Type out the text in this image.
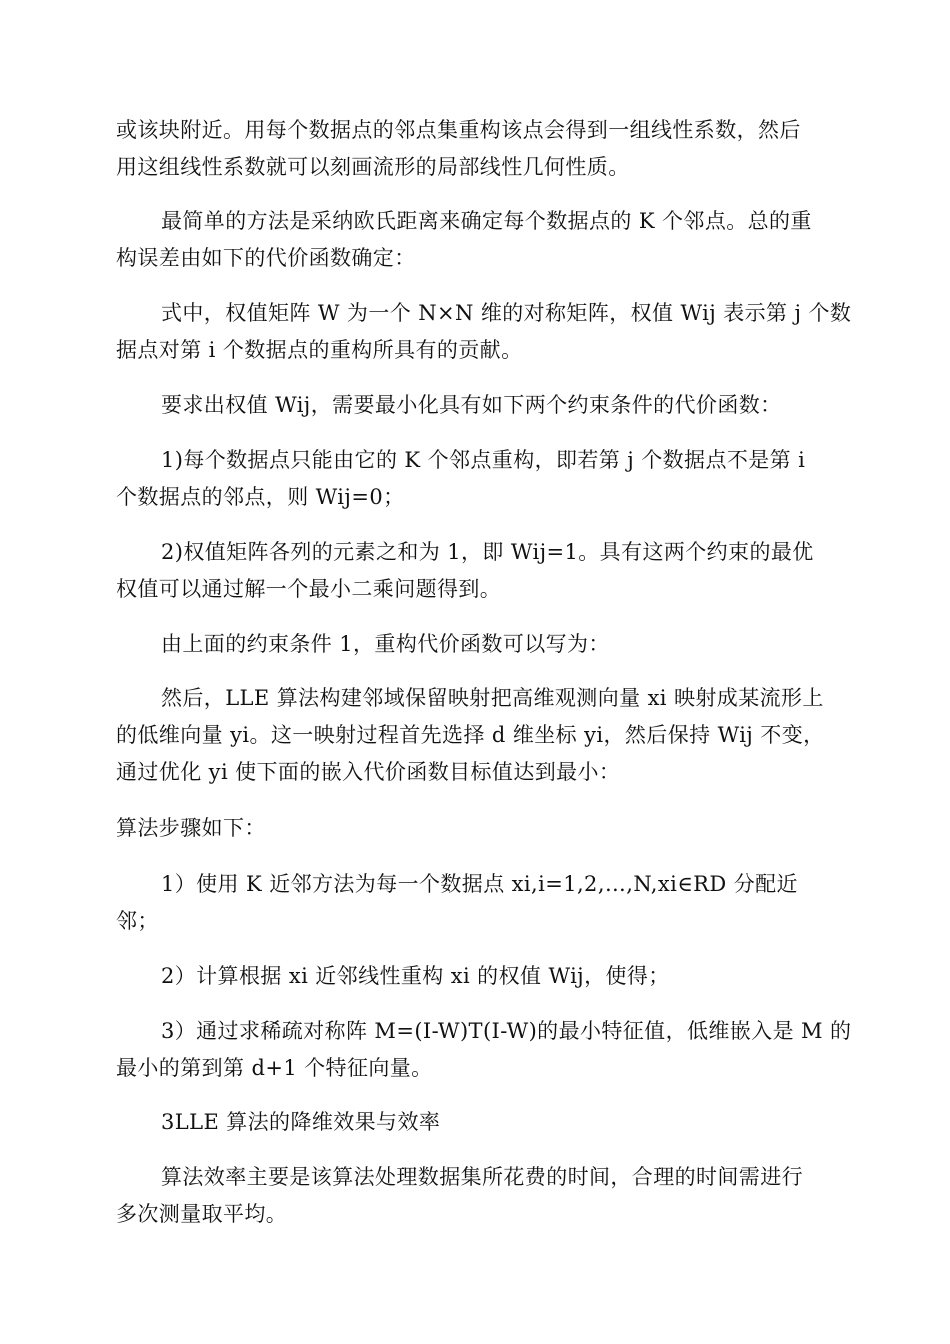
或该块附近。用每个数据点的邻点集重构该点会得到一组线性系数，然后
用这组线性系数就可以刻画流形的局部线性几何性质。

最简单的方法是采纳欧氏距离来确定每个数据点的 K 个邻点。总的重
构误差由如下的代价函数确定：

式中，权值矩阵 W 为一个 N×N 维的对称矩阵，权值 Wij 表示第 j 个数
据点对第 i 个数据点的重构所具有的贡献。

要求出权值 Wij，需要最小化具有如下两个约束条件的代价函数：

1)每个数据点只能由它的 K 个邻点重构，即若第 j 个数据点不是第 i
个数据点的邻点，则 Wij=0；

2)权值矩阵各列的元素之和为 1，即 Wij=1。具有这两个约束的最优
权值可以通过解一个最小二乘问题得到。

由上面的约束条件 1，重构代价函数可以写为：

然后，LLE 算法构建邻域保留映射把高维观测向量 xi 映射成某流形上
的低维向量 yi。这一映射过程首先选择 d 维坐标 yi，然后保持 Wij 不变，
通过优化 yi 使下面的嵌入代价函数目标值达到最小：

算法步骤如下：

1）使用 K 近邻方法为每一个数据点 xi,i=1,2,…,N,xi∈RD 分配近
邻；

2）计算根据 xi 近邻线性重构 xi 的权值 Wij，使得；

3）通过求稀疏对称阵 M=(I-W)T(I-W)的最小特征值，低维嵌入是 M 的
最小的第到第 d+1 个特征向量。

3LLE 算法的降维效果与效率

算法效率主要是该算法处理数据集所花费的时间，合理的时间需进行
多次测量取平均。
